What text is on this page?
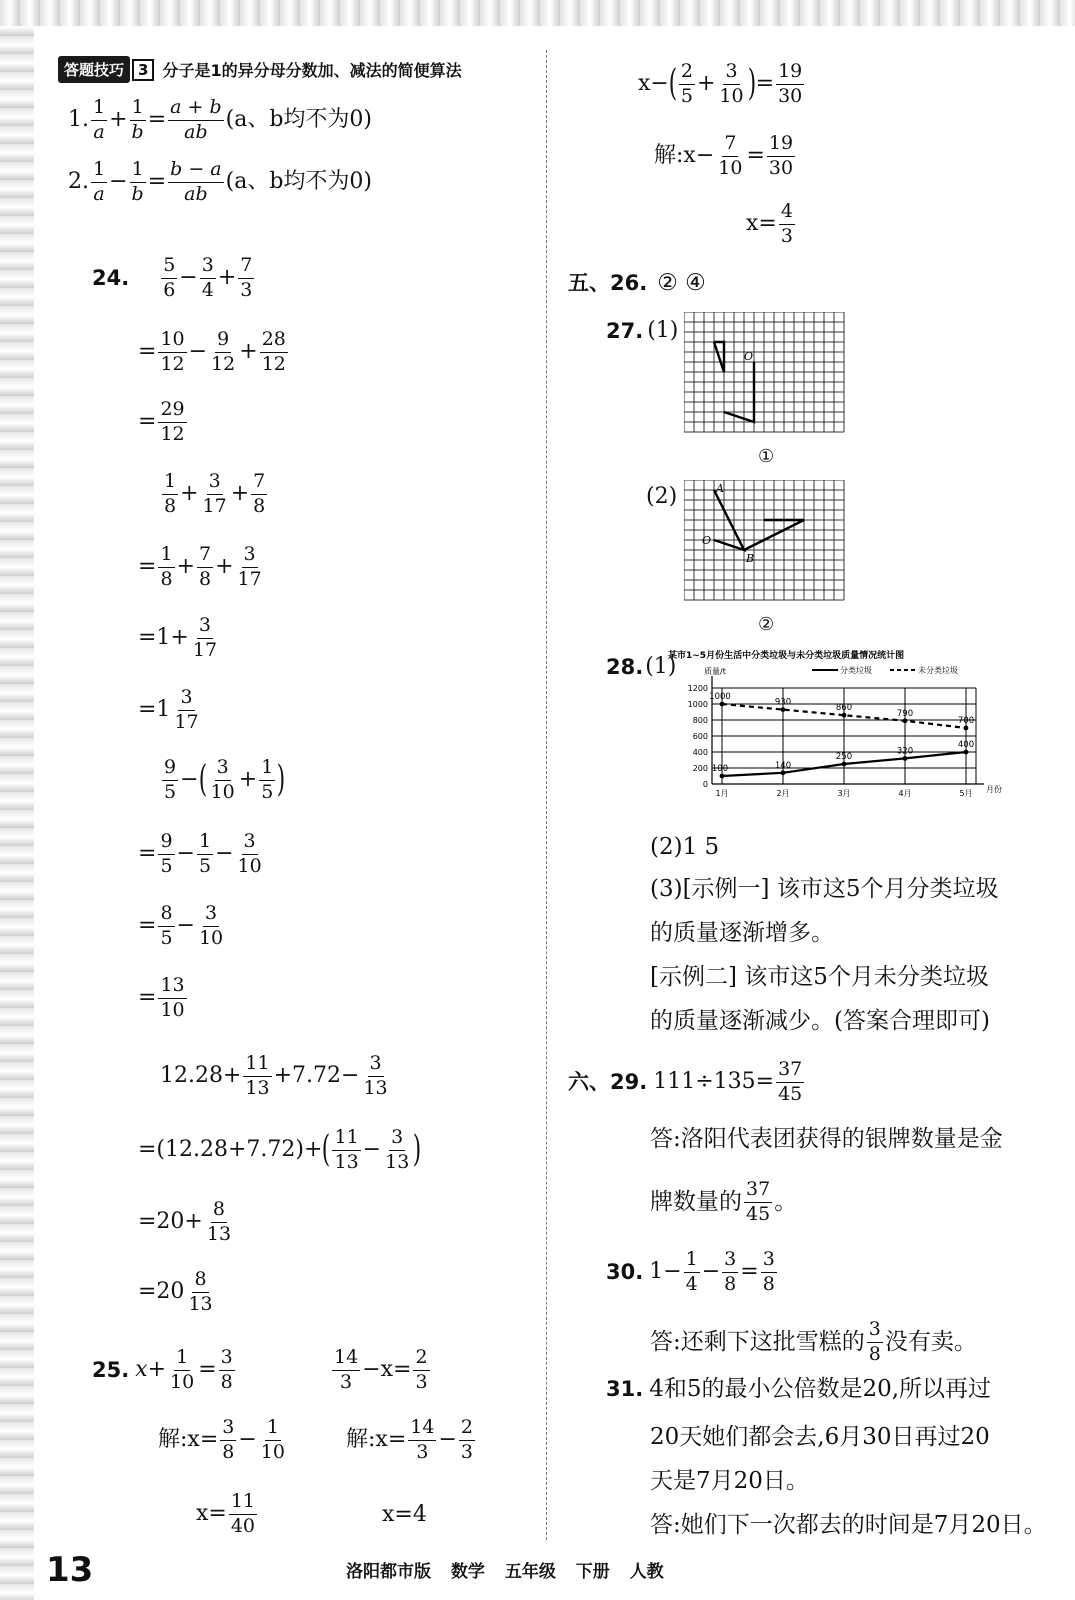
答题技巧 3 分子是1的异分母分数加、减法的简便算法
1. $\frac{1}{a} + \frac{1}{b} = \frac{a + b}{ab} (a$、b均不为0)
2. $\frac{1}{a} - \frac{1}{b} = \frac{b - a}{ab} (a$、b均不为0)
24. $\frac{5}{6} - \frac{3}{4} + \frac{7}{3}$
= $\frac{10}{12} - \frac{9}{12} + \frac{28}{12}$
= $\frac{29}{12}$
$\frac{1}{8} + \frac{3}{17} + \frac{7}{8}$
= $\frac{1}{8} + \frac{7}{8} + \frac{3}{17}$
$=1+ \frac{3}{17}$
$=1 \frac{3}{17}$
$\frac{9}{5}$ − ( $\frac{3}{10} + \frac{1}{5}$ )
= $\frac{9}{5} - \frac{1}{5} - \frac{3}{10}$
= $\frac{8}{5} - \frac{3}{10}$
= $\frac{13}{10}$
$12.28+ \frac{11}{13} +7.72- \frac{3}{13}$
=(12.28+7.72)+ ( $\frac{11}{13} - \frac{3}{13}$ )
$=20+ \frac{8}{13}$
$=20 \frac{8}{13}$
25. $x+ \frac{1}{10} = \frac{3}{8}$	$\frac{14}{3} -x= \frac{2}{3}$
解:x= $\frac{3}{8} - \frac{1}{10}$	解:x= $\frac{14}{3} - \frac{2}{3}$
$x= \frac{11}{40}$	x=4
x− ( $\frac{2}{5} + \frac{3}{10}$ ) = $\frac{19}{30}$
解:x− $\frac{7}{10} = \frac{19}{30}$
$x= \frac{4}{3}$
五、26. ② ④
27. (1)
O
①
(2)	A
B
O
②
28. (1)
某市1~5月份生活中分类垃圾与未分类垃圾质量情况统计图
质量/t
月份
分类垃圾	未分类垃圾
0
200
400
600
800
1000
1200
1月	2月	3月	4月	5月
100	140
250
320
400
1000
930
860
790
700
(2)1 5
(3)[示例一] 该市这5个月分类垃圾
的质量逐渐增多。
[示例二] 该市这5个月未分类垃圾
的质量逐渐减少。(答案合理即可)
六、29. $111\div 135= \frac{37}{45}$
答:洛阳代表团获得的银牌数量是金
牌数量的 $\frac{37}{45}$ 。
30. $1- \frac{1}{4} - \frac{3}{8} = \frac{3}{8}$
答:还剩下这批雪糕的 $\frac{3}{8}$ 没有卖。
31. 4和5的最小公倍数是20,所以再过
20天她们都会去,6月30日再过20
天是7月20日。
答:她们下一次都去的时间是7月20日。
13	洛阳都市版 数学 五年级 下册 人教
